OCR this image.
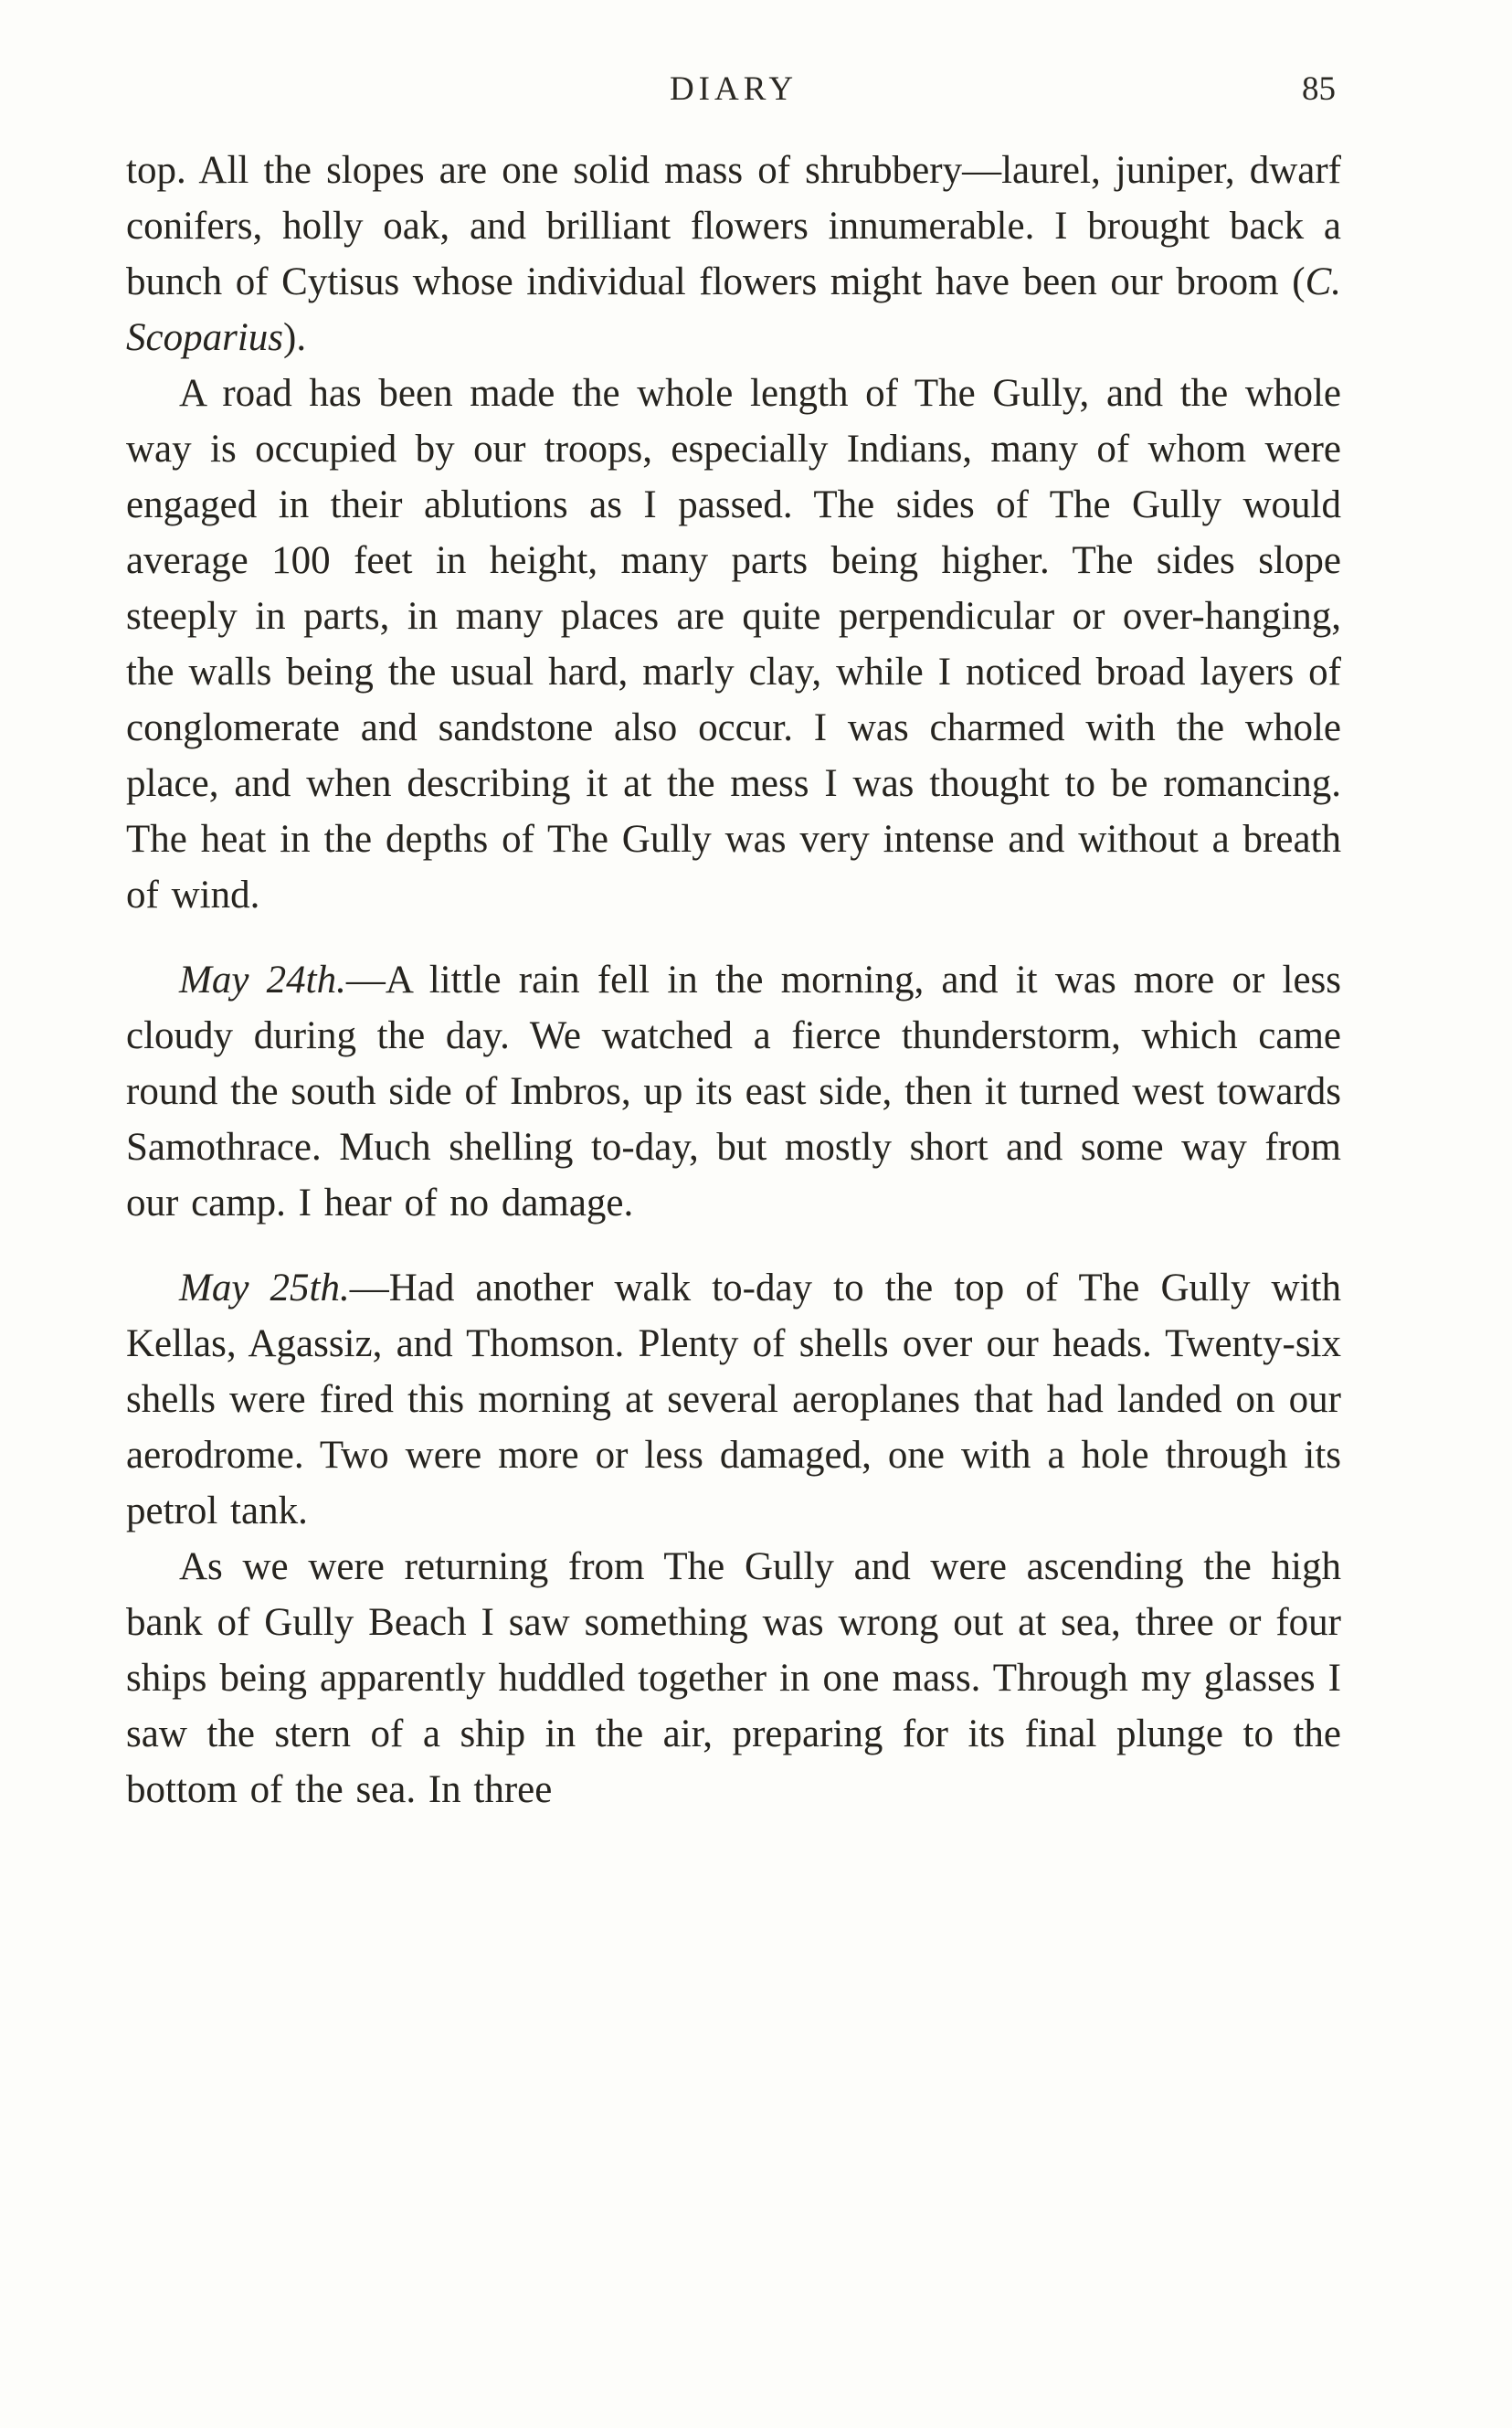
DIARY	85

top. All the slopes are one solid mass of shrubbery—laurel, juniper, dwarf conifers, holly oak, and brilliant flowers innumerable. I brought back a bunch of Cytisus whose individual flowers might have been our broom (C. Scoparius).

A road has been made the whole length of The Gully, and the whole way is occupied by our troops, especially Indians, many of whom were engaged in their ablutions as I passed. The sides of The Gully would average 100 feet in height, many parts being higher. The sides slope steeply in parts, in many places are quite perpendicular or over-hanging, the walls being the usual hard, marly clay, while I noticed broad layers of conglomerate and sandstone also occur. I was charmed with the whole place, and when describing it at the mess I was thought to be romancing. The heat in the depths of The Gully was very intense and without a breath of wind.

May 24th.—A little rain fell in the morning, and it was more or less cloudy during the day. We watched a fierce thunderstorm, which came round the south side of Imbros, up its east side, then it turned west towards Samothrace. Much shelling to-day, but mostly short and some way from our camp. I hear of no damage.

May 25th.—Had another walk to-day to the top of The Gully with Kellas, Agassiz, and Thomson. Plenty of shells over our heads. Twenty-six shells were fired this morning at several aeroplanes that had landed on our aerodrome. Two were more or less damaged, one with a hole through its petrol tank.

As we were returning from The Gully and were ascending the high bank of Gully Beach I saw something was wrong out at sea, three or four ships being apparently huddled together in one mass. Through my glasses I saw the stern of a ship in the air, preparing for its final plunge to the bottom of the sea. In three
